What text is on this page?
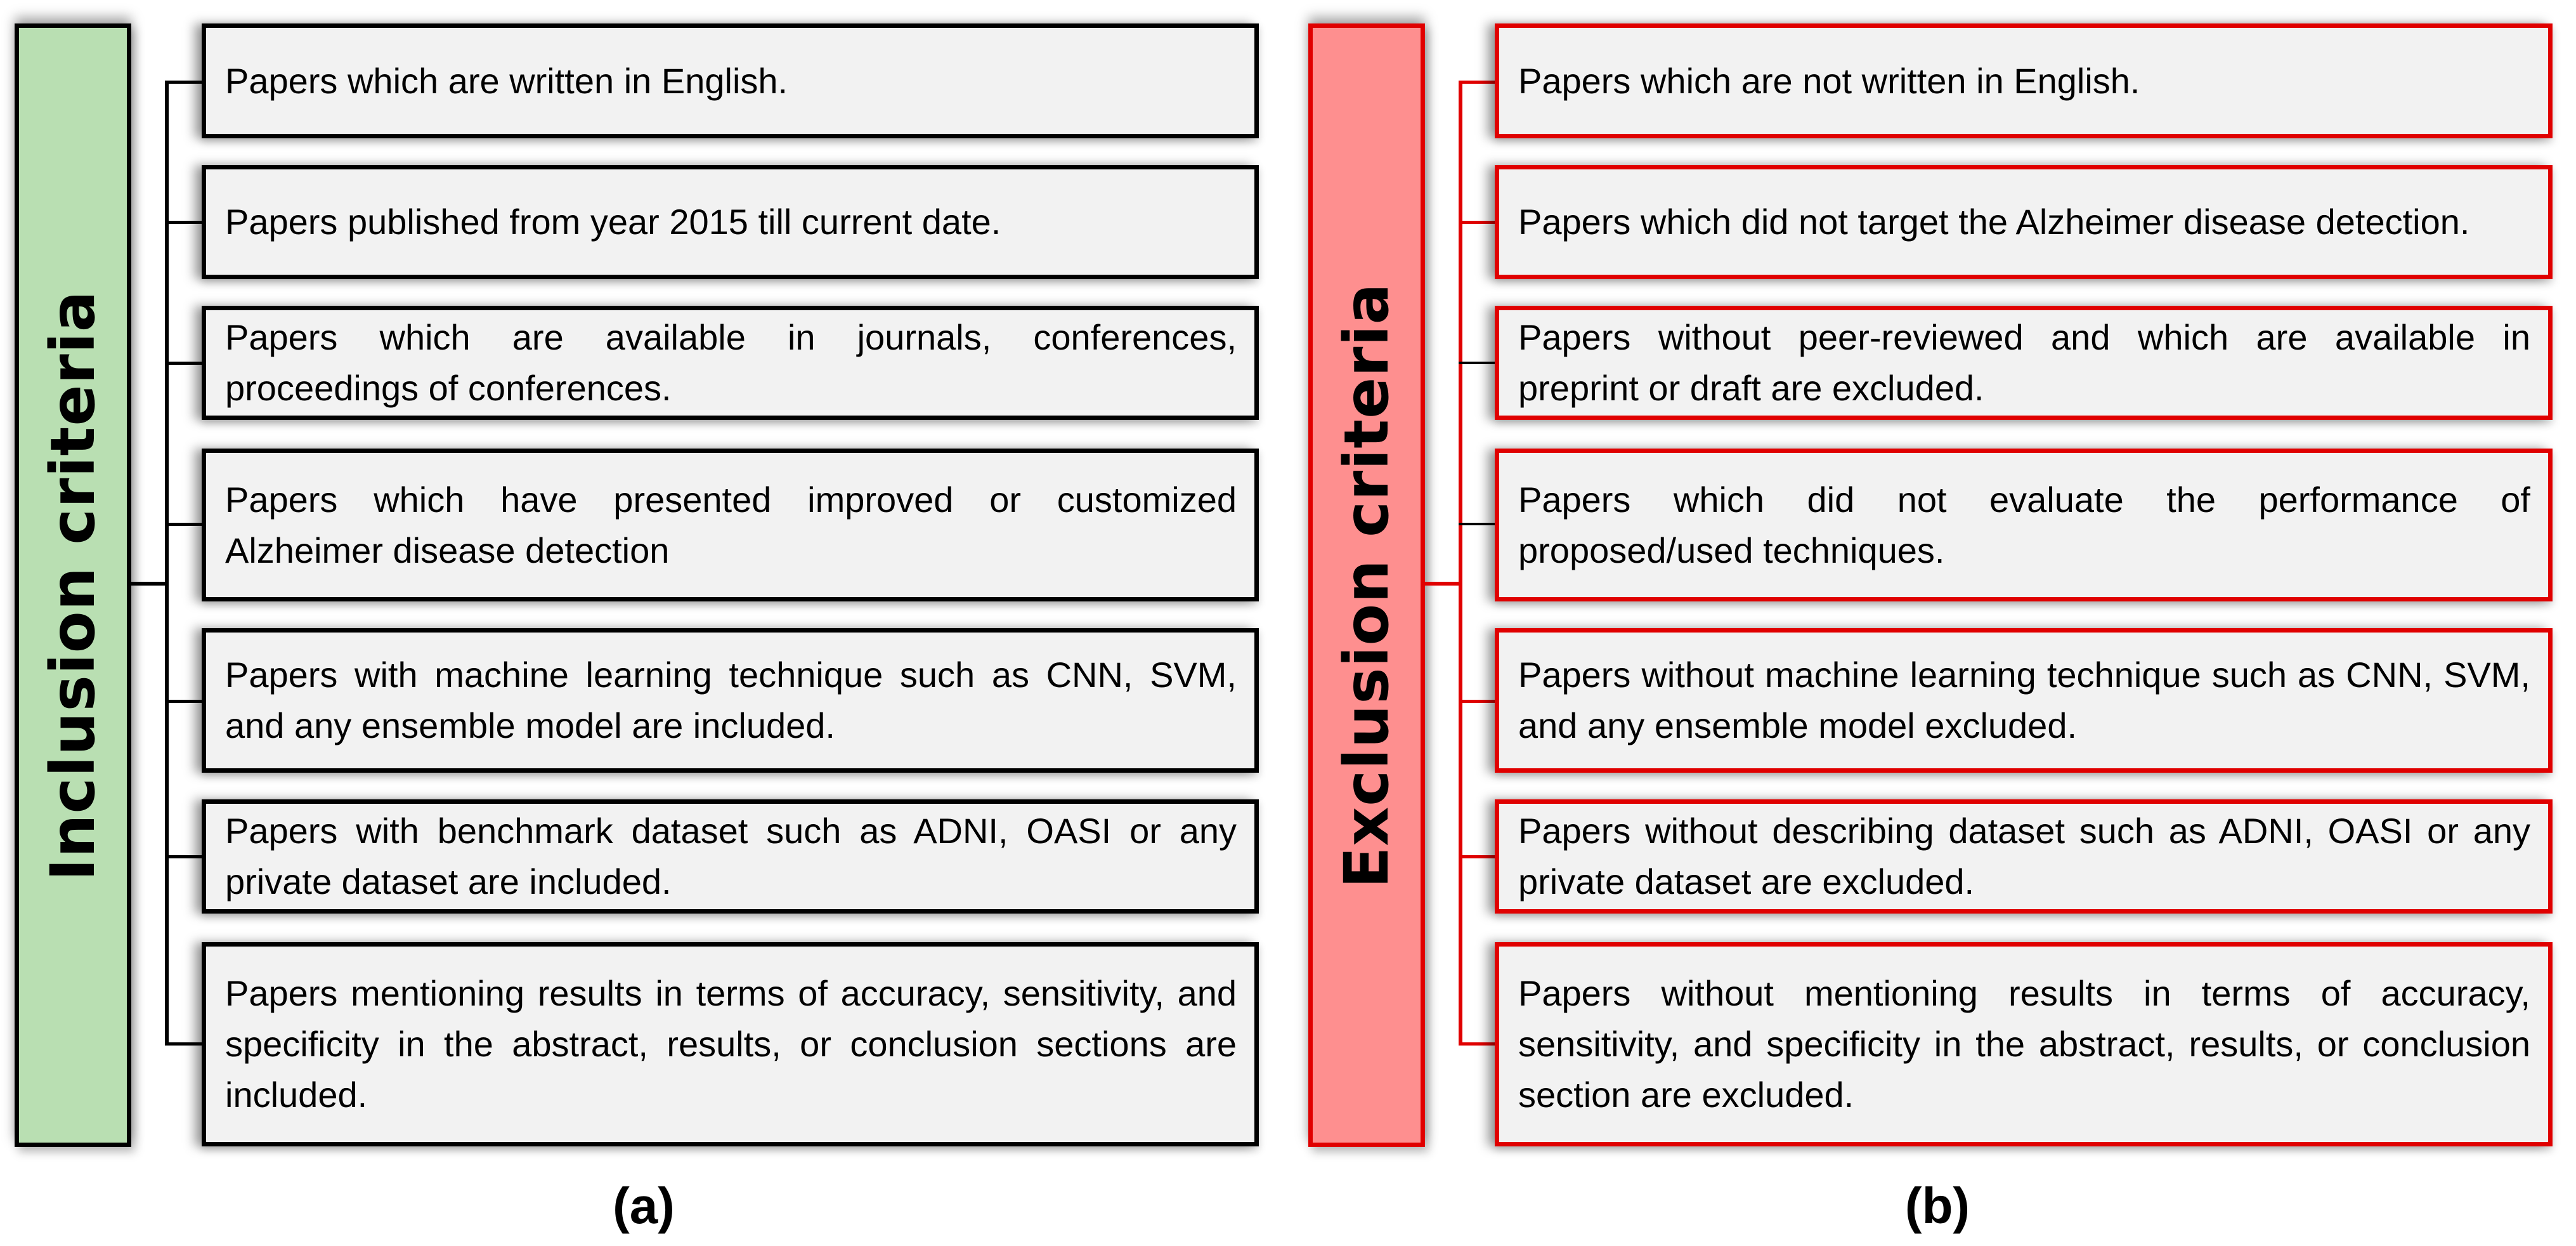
Inclusion criteria
Papers which are written in English.
Papers published from year 2015 till current date.
Papers which are available in journals, conferences, proceedings of conferences.
Papers which have presented improved or customized Alzheimer disease detection
Papers with machine learning technique such as CNN, SVM, and any ensemble model are included.
Papers with benchmark dataset such as ADNI, OASI or any private dataset are included.
Papers mentioning results in terms of accuracy, sensitivity, and specificity in the abstract, results, or conclusion sections are included.
(a)
Exclusion criteria
Papers which are not written in English.
Papers which did not target the Alzheimer disease detection.
Papers without peer-reviewed and which are available in preprint or draft are excluded.
Papers which did not evaluate the performance of proposed/used techniques.
Papers without machine learning technique such as CNN, SVM, and any ensemble model excluded.
Papers without describing dataset such as ADNI, OASI or any private dataset are excluded.
Papers without mentioning results in terms of accuracy, sensitivity, and specificity in the abstract, results, or conclusion section are excluded.
(b)
